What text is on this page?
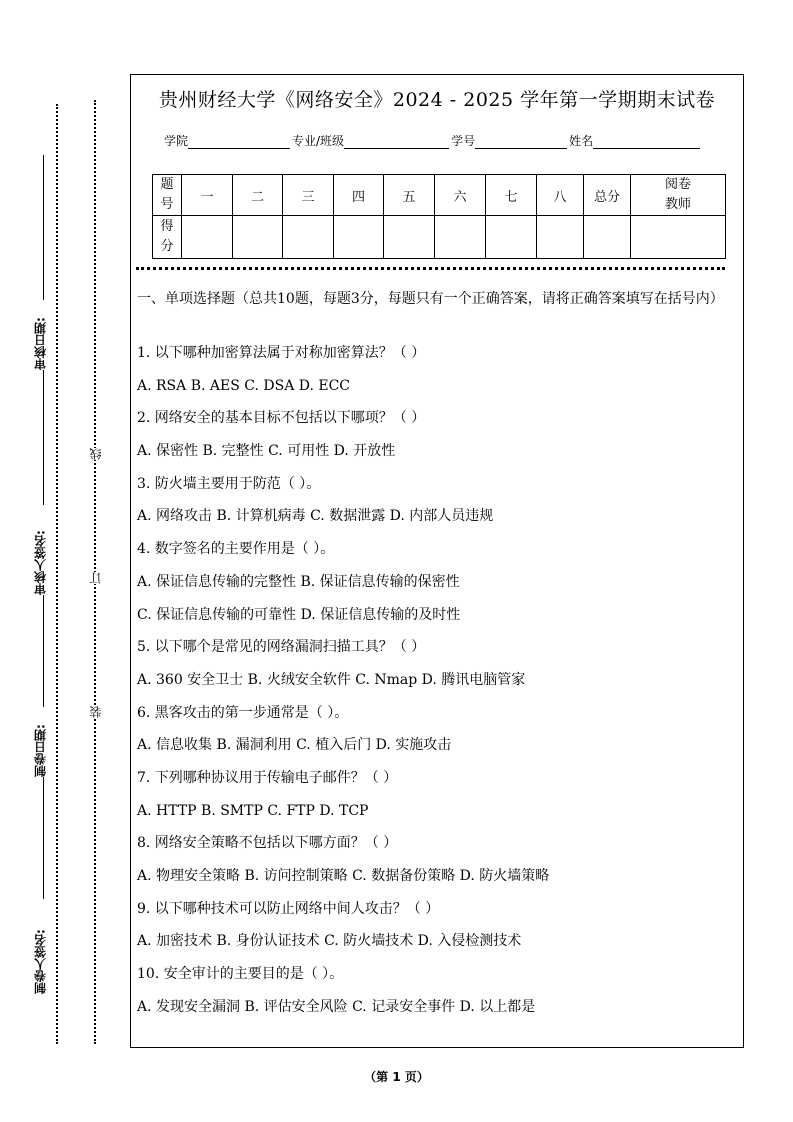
审核日期:
审核人签名:
制卷日期:
制卷人签名:
线
订
装
贵州财经大学《网络安全》2024 - 2025 学年第一学期期末试卷
学院	专业/班级	学号	姓名
题号	一	二	三	四	五	六	七	八	总分	阅卷教师
得分										
一、单项选择题（总共10题，每题3分，每题只有一个正确答案，请将正确答案填写在括号内）
1. 以下哪种加密算法属于对称加密算法？（ ）
A. RSA B. AES C. DSA D. ECC
2. 网络安全的基本目标不包括以下哪项？（ ）
A. 保密性 B. 完整性 C. 可用性 D. 开放性
3. 防火墙主要用于防范（ ）。
A. 网络攻击 B. 计算机病毒 C. 数据泄露 D. 内部人员违规
4. 数字签名的主要作用是（ ）。
A. 保证信息传输的完整性 B. 保证信息传输的保密性
C. 保证信息传输的可靠性 D. 保证信息传输的及时性
5. 以下哪个是常见的网络漏洞扫描工具？（ ）
A. 360 安全卫士 B. 火绒安全软件 C. Nmap D. 腾讯电脑管家
6. 黑客攻击的第一步通常是（ ）。
A. 信息收集 B. 漏洞利用 C. 植入后门 D. 实施攻击
7. 下列哪种协议用于传输电子邮件？（ ）
A. HTTP B. SMTP C. FTP D. TCP
8. 网络安全策略不包括以下哪方面？（ ）
A. 物理安全策略 B. 访问控制策略 C. 数据备份策略 D. 防火墙策略
9. 以下哪种技术可以防止网络中间人攻击？（ ）
A. 加密技术 B. 身份认证技术 C. 防火墙技术 D. 入侵检测技术
10. 安全审计的主要目的是（ ）。
A. 发现安全漏洞 B. 评估安全风险 C. 记录安全事件 D. 以上都是
（第 1 页）
